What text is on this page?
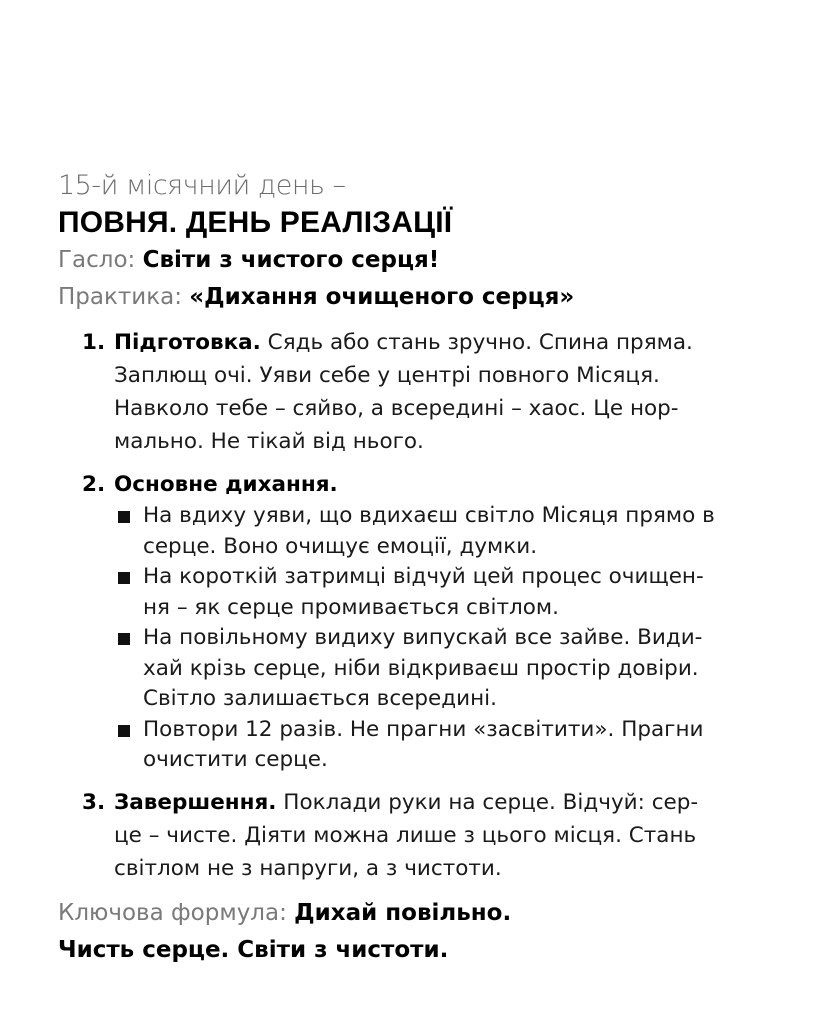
15-й місячний день –
ПОВНЯ. ДЕНЬ РЕАЛІЗАЦІЇ
Гасло: Світи з чистого серця!
Практика: «Дихання очищеного серця»
1. Підготовка. Сядь або стань зручно. Спина пряма.
Заплющ очі. Уяви себе у центрі повного Місяця.
Навколо тебе – сяйво, а всередині – хаос. Це нор-
мально. Не тікай від нього.
2. Основне дихання.
На вдиху уяви, що вдихаєш світло Місяця прямо в
серце. Воно очищує емоції, думки.
На короткій затримці відчуй цей процес очищен-
ня – як серце промивається світлом.
На повільному видиху випускай все зайве. Види-
хай крізь серце, ніби відкриваєш простір довіри.
Світло залишається всередині.
Повтори 12 разів. Не прагни «засвітити». Прагни
очистити серце.
3. Завершення. Поклади руки на серце. Відчуй: сер-
це – чисте. Діяти можна лише з цього місця. Стань
світлом не з напруги, а з чистоти.
Ключова формула: Дихай повільно.
Чисть серце. Світи з чистоти.
